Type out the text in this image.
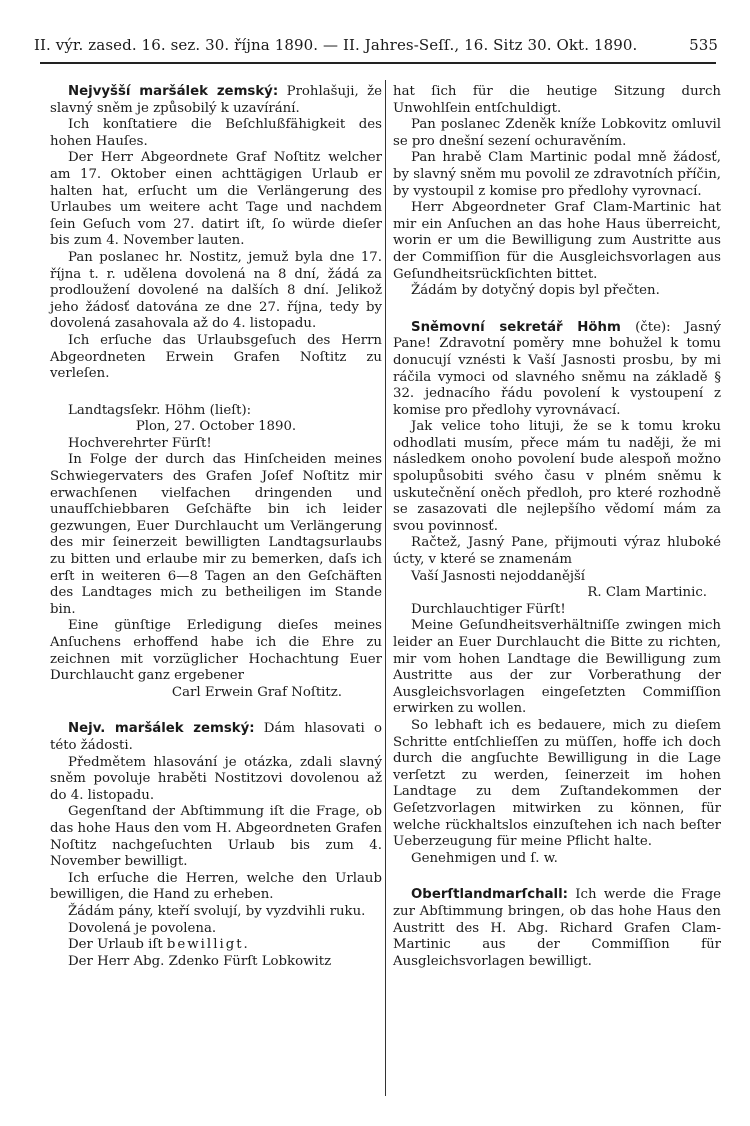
II. výr. zased. 16. sez. 30. října 1890. — II. Jahres-Seſſ., 16. Sitz 30. Okt. 1890.	535

Nejvyšší maršálek zemský: Prohlašuji, že slavný sněm je způsobilý k uzavírání.

Ich konſtatiere die Beſchlußfähigkeit des hohen Hauſes.

Der Herr Abgeordnete Graf Noſtitz welcher am 17. Oktober einen achttägigen Urlaub er halten hat, erſucht um die Verlängerung des Urlaubes um weitere acht Tage und nachdem ſein Geſuch vom 27. datirt iſt, ſo würde dieſer bis zum 4. November lauten.

Pan poslanec hr. Nostitz, jemuž byla dne 17. října t. r. udělena dovolená na 8 dní, žádá za prodloužení dovolené na dalších 8 dní. Jelikož jeho žádosť datována ze dne 27. října, tedy by dovolená zasahovala až do 4. listopadu.

Ich erſuche das Urlaubsgeſuch des Herrn Abgeordneten Erwein Grafen Noſtitz zu verleſen.

Landtagsſekr. Höhm (lieſt):

Plon, 27. October 1890.

Hochverehrter Fürſt!

In Folge der durch das Hinſcheiden meines Schwiegervaters des Grafen Joſef Noſtitz mir erwachſenen vielfachen dringenden und unaufſchiebbaren Geſchäfte bin ich leider gezwungen, Euer Durchlaucht um Verlängerung des mir ſeinerzeit bewilligten Landtagsurlaubs zu bitten und erlaube mir zu bemerken, daſs ich erſt in weiteren 6—8 Tagen an den Geſchäften des Landtages mich zu betheiligen im Stande bin.

Eine günſtige Erledigung dieſes meines Anſuchens erhoffend habe ich die Ehre zu zeichnen mit vorzüglicher Hochachtung Euer Durchlaucht ganz ergebener

Carl Erwein Graf Noſtitz.

Nejv. maršálek zemský: Dám hlasovati o této žádosti.

Předmětem hlasování je otázka, zdali slavný sněm povoluje hraběti Nostitzovi dovolenou až do 4. listopadu.

Gegenſtand der Abſtimmung iſt die Frage, ob das hohe Haus den vom H. Abgeordneten Grafen Noſtitz nachgeſuchten Urlaub bis zum 4. November bewilligt.

Ich erſuche die Herren, welche den Urlaub bewilligen, die Hand zu erheben.

Žádám pány, kteří svolují, by vyzdvihli ruku.

Dovolená je povolena.

Der Urlaub iſt bewilligt.

Der Herr Abg. Zdenko Fürſt Lobkowitz

hat ſich für die heutige Sitzung durch Unwohlſein entſchuldigt.

Pan poslanec Zdeněk kníže Lobkovitz omluvil se pro dnešní sezení ochuravěním.

Pan hrabě Clam Martinic podal mně žádosť, by slavný sněm mu povolil ze zdravotních příčin, by vystoupil z komise pro předlohy vyrovnací.

Herr Abgeordneter Graf Clam-Martinic hat mir ein Anſuchen an das hohe Haus überreicht, worin er um die Bewilligung zum Austritte aus der Commiſſion für die Ausgleichsvorlagen aus Geſundheitsrückſichten bittet.

Žádám by dotyčný dopis byl přečten.

Sněmovní sekretář Höhm (čte): Jasný Pane! Zdravotní poměry mne bohužel k tomu donucují vznésti k Vaší Jasnosti prosbu, by mi ráčila vymoci od slavného sněmu na základě § 32. jednacího řádu povolení k vystoupení z komise pro předlohy vyrovnávací.

Jak velice toho lituji, že se k tomu kroku odhodlati musím, přece mám tu naději, že mi následkem onoho povolení bude alespoň možno spolupůsobiti svého času v plném sněmu k uskutečnění oněch předloh, pro které rozhodně se zasazovati dle nejlepšího vědomí mám za svou povinnosť.

Račtež, Jasný Pane, přijmouti výraz hluboké úcty, v které se znamenám

Vaší Jasnosti nejoddanější

R. Clam Martinic.

Durchlauchtiger Fürſt!

Meine Geſundheitsverhältniſſe zwingen mich leider an Euer Durchlaucht die Bitte zu richten, mir vom hohen Landtage die Bewilligung zum Austritte aus der zur Vorberathung der Ausgleichsvorlagen eingeſetzten Commiſſion erwirken zu wollen.

So lebhaft ich es bedauere, mich zu dieſem Schritte entſchlieſſen zu müſſen, hoffe ich doch durch die angſuchte Bewilligung in die Lage verſetzt zu werden, ſeinerzeit im hohen Landtage zu dem Zuſtandekommen der Geſetzvorlagen mitwirken zu können, für welche rückhaltslos einzuſtehen ich nach beſter Ueberzeugung für meine Pflicht halte.

Genehmigen und ſ. w.

Oberſtlandmarſchall: Ich werde die Frage zur Abſtimmung bringen, ob das hohe Haus den Austritt des H. Abg. Richard Grafen Clam-Martinic aus der Commiſſion für Ausgleichsvorlagen bewilligt.
